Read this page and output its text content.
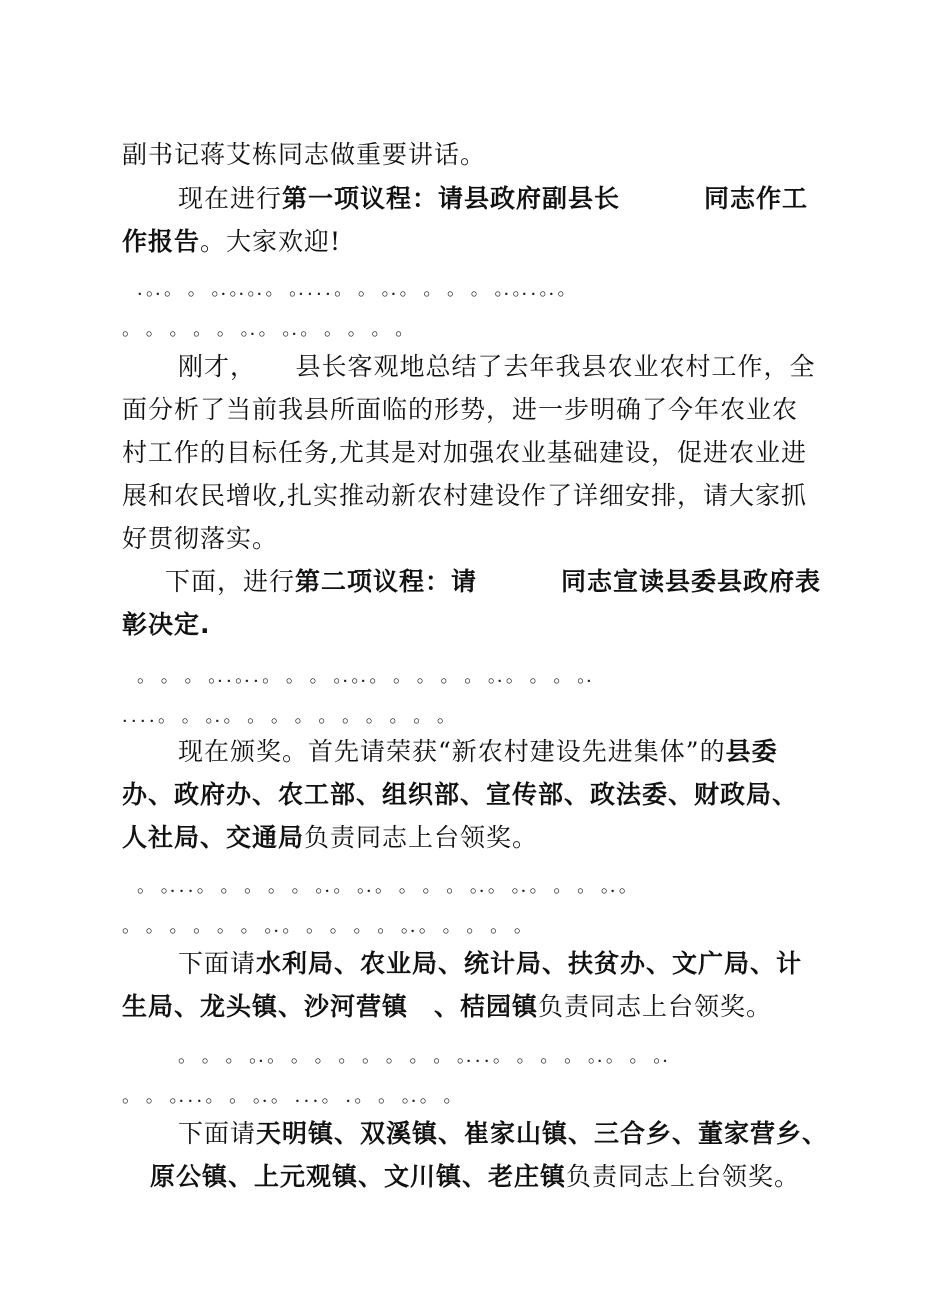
副书记蒋艾栋同志做重要讲话。
现在进行第一项议程：请县政府副县长	同志作工
作报告。大家欢迎!
．。．。 。 。．。．。．。 。．．．．。 。 。．。 。 。 。 。．。．．。．。
。 。 。 。 。 。．。 。．。 。 。 。 。
刚才，　　县长客观地总结了去年我县农业农村工作，全
面分析了当前我县所面临的形势，进一步明确了今年农业农
村工作的目标任务,尤其是对加强农业基础建设，促进农业进
展和农民增收,扎实推动新农村建设作了详细安排，请大家抓
好贯彻落实。
下面，进行第二项议程：请	同志宣读县委县政府表
彰决定.
。 。 。 。．．。．．。 。 。 。．。．。 。 。 。 。 。．。 。 。 。．
．．．．。 。 。．。 。 。 。 。 。 。 。 。 。
现在颁奖。首先请荣获“新农村建设先进集体”的县委
办、政府办、农工部、组织部、宣传部、政法委、财政局、
人社局、交通局负责同志上台领奖。
。 。．．．。 。 。 。 。 。．。 。．。 。 。 。 。．。 。．。 。 。 。．。
。 。 。 。 。 。 。．。 。 。 。 。 。．。 。 。 。 。
下面请水利局、农业局、统计局、扶贫办、文广局、计
生局、龙头镇、沙河营镇　、桔园镇负责同志上台领奖。
。 。 。 。．。 。 。 。 。 。 。 。 。．．．。 。 。 。 。．。 。 。．
。 。 。．．．。 。 。．。 ．．．。 ．。 。 。．。 。
下面请天明镇、双溪镇、崔家山镇、三合乡、董家营乡、
原公镇、上元观镇、文川镇、老庄镇负责同志上台领奖。
